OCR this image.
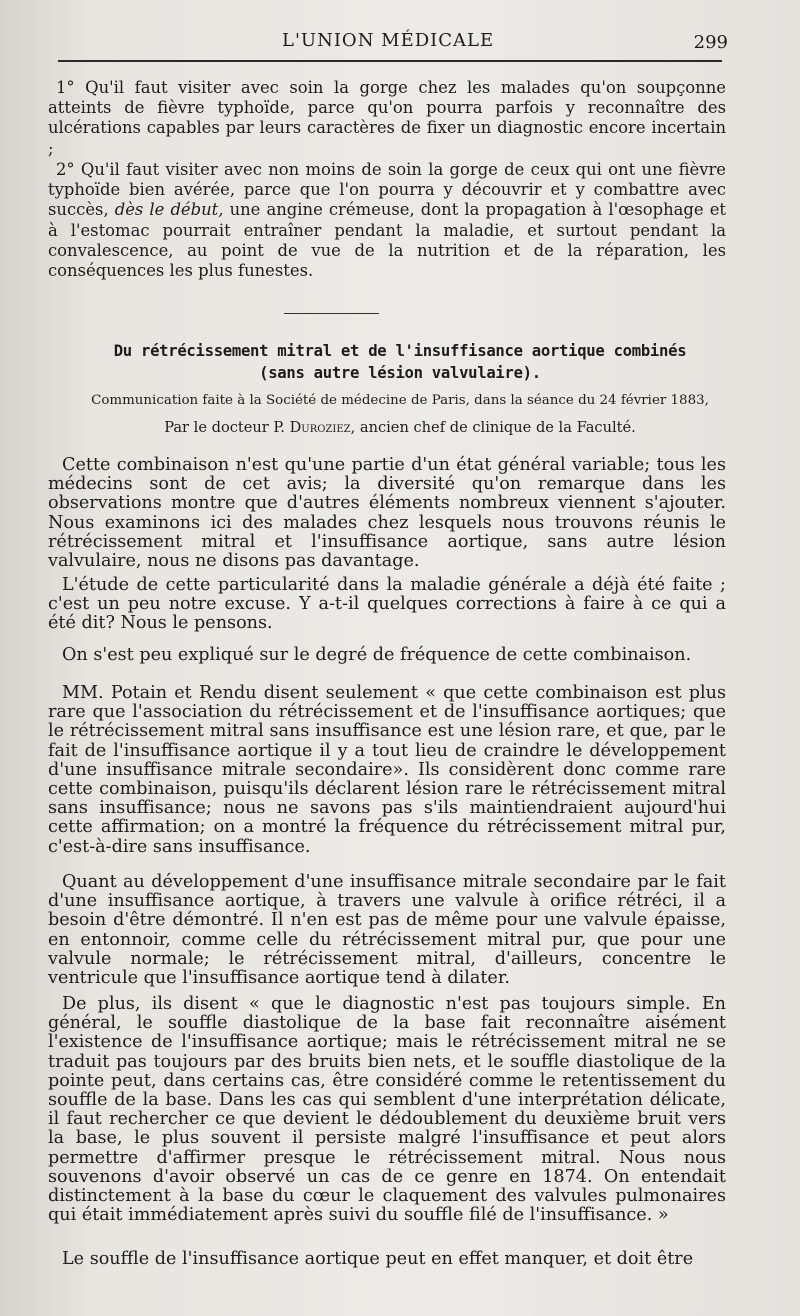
L'UNION MÉDICALE	299

1° Qu'il faut visiter avec soin la gorge chez les malades qu'on soupçonne atteints de fièvre typhoïde, parce qu'on pourra parfois y reconnaître des ulcérations capables par leurs caractères de fixer un diagnostic encore incertain ;

2° Qu'il faut visiter avec non moins de soin la gorge de ceux qui ont une fièvre typhoïde bien avérée, parce que l'on pourra y découvrir et y combattre avec succès, dès le début, une angine crémeuse, dont la propagation à l'œsophage et à l'estomac pourrait entraîner pendant la maladie, et surtout pendant la convalescence, au point de vue de la nutrition et de la réparation, les conséquences les plus funestes.

Du rétrécissement mitral et de l'insuffisance aortique combinés
(sans autre lésion valvulaire).
Communication faite à la Société de médecine de Paris, dans la séance du 24 février 1883,
Par le docteur P. Duroziez, ancien chef de clinique de la Faculté.

Cette combinaison n'est qu'une partie d'un état général variable; tous les médecins sont de cet avis; la diversité qu'on remarque dans les observations montre que d'autres éléments nombreux viennent s'ajouter. Nous examinons ici des malades chez lesquels nous trouvons réunis le rétrécissement mitral et l'insuffisance aortique, sans autre lésion valvulaire, nous ne disons pas davantage.

L'étude de cette particularité dans la maladie générale a déjà été faite ; c'est un peu notre excuse. Y a-t-il quelques corrections à faire à ce qui a été dit? Nous le pensons.

On s'est peu expliqué sur le degré de fréquence de cette combinaison.

MM. Potain et Rendu disent seulement « que cette combinaison est plus rare que l'association du rétrécissement et de l'insuffisance aortiques; que le rétrécissement mitral sans insuffisance est une lésion rare, et que, par le fait de l'insuffisance aortique il y a tout lieu de craindre le développement d'une insuffisance mitrale secondaire». Ils considèrent donc comme rare cette combinaison, puisqu'ils déclarent lésion rare le rétrécissement mitral sans insuffisance; nous ne savons pas s'ils maintiendraient aujourd'hui cette affirmation; on a montré la fréquence du rétrécissement mitral pur, c'est-à-dire sans insuffisance.

Quant au développement d'une insuffisance mitrale secondaire par le fait d'une insuffisance aortique, à travers une valvule à orifice rétréci, il a besoin d'être démontré. Il n'en est pas de même pour une valvule épaisse, en entonnoir, comme celle du rétrécissement mitral pur, que pour une valvule normale; le rétrécissement mitral, d'ailleurs, concentre le ventricule que l'insuffisance aortique tend à dilater.

De plus, ils disent « que le diagnostic n'est pas toujours simple. En général, le souffle diastolique de la base fait reconnaître aisément l'existence de l'insuffisance aortique; mais le rétrécissement mitral ne se traduit pas toujours par des bruits bien nets, et le souffle diastolique de la pointe peut, dans certains cas, être considéré comme le retentissement du souffle de la base. Dans les cas qui semblent d'une interprétation délicate, il faut rechercher ce que devient le dédoublement du deuxième bruit vers la base, le plus souvent il persiste malgré l'insuffisance et peut alors permettre d'affirmer presque le rétrécissement mitral. Nous nous souvenons d'avoir observé un cas de ce genre en 1874. On entendait distinctement à la base du cœur le claquement des valvules pulmonaires qui était immédiatement après suivi du souffle filé de l'insuffisance. »

Le souffle de l'insuffisance aortique peut en effet manquer, et doit être
